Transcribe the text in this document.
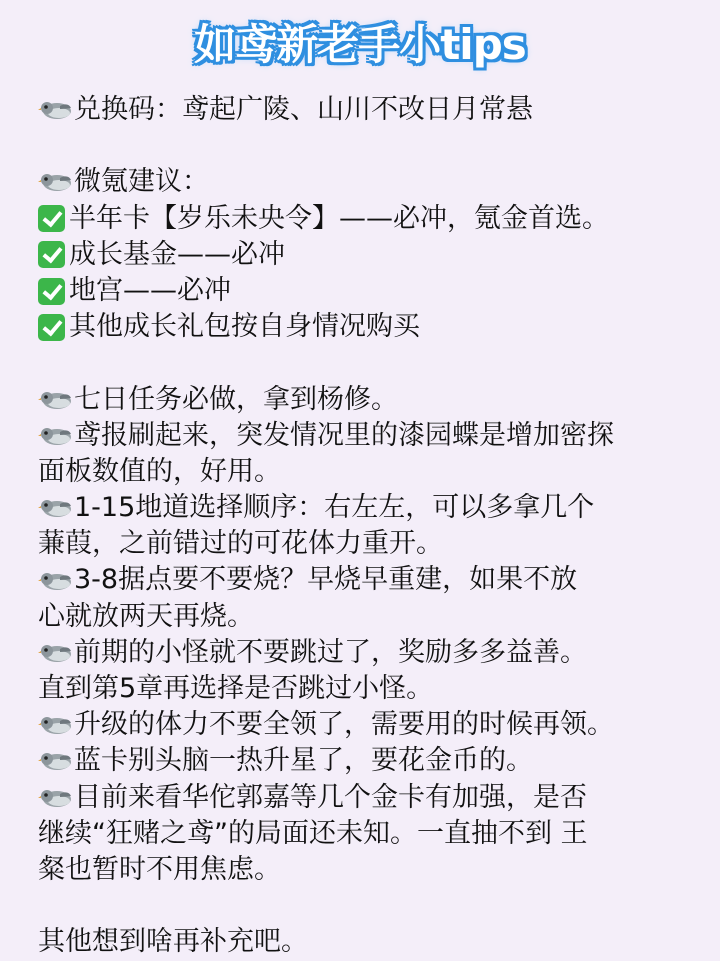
如鸢新老手小tips
兑换码：鸢起广陵、山川不改日月常悬
微氪建议：
半年卡【岁乐未央令】——必冲，氪金首选。
成长基金——必冲
地宫——必冲
其他成长礼包按自身情况购买
七日任务必做，拿到杨修。
鸢报刷起来，突发情况里的漆园蝶是增加密探
面板数值的，好用。
1-15地道选择顺序：右左左，可以多拿几个
蒹葭，之前错过的可花体力重开。
3-8据点要不要烧？早烧早重建，如果不放
心就放两天再烧。
前期的小怪就不要跳过了，奖励多多益善。
直到第5章再选择是否跳过小怪。
升级的体力不要全领了，需要用的时候再领。
蓝卡别头脑一热升星了，要花金币的。
目前来看华佗郭嘉等几个金卡有加强，是否
继续“狂赌之鸢”的局面还未知。一直抽不到 王
粲也暂时不用焦虑。
其他想到啥再补充吧。
